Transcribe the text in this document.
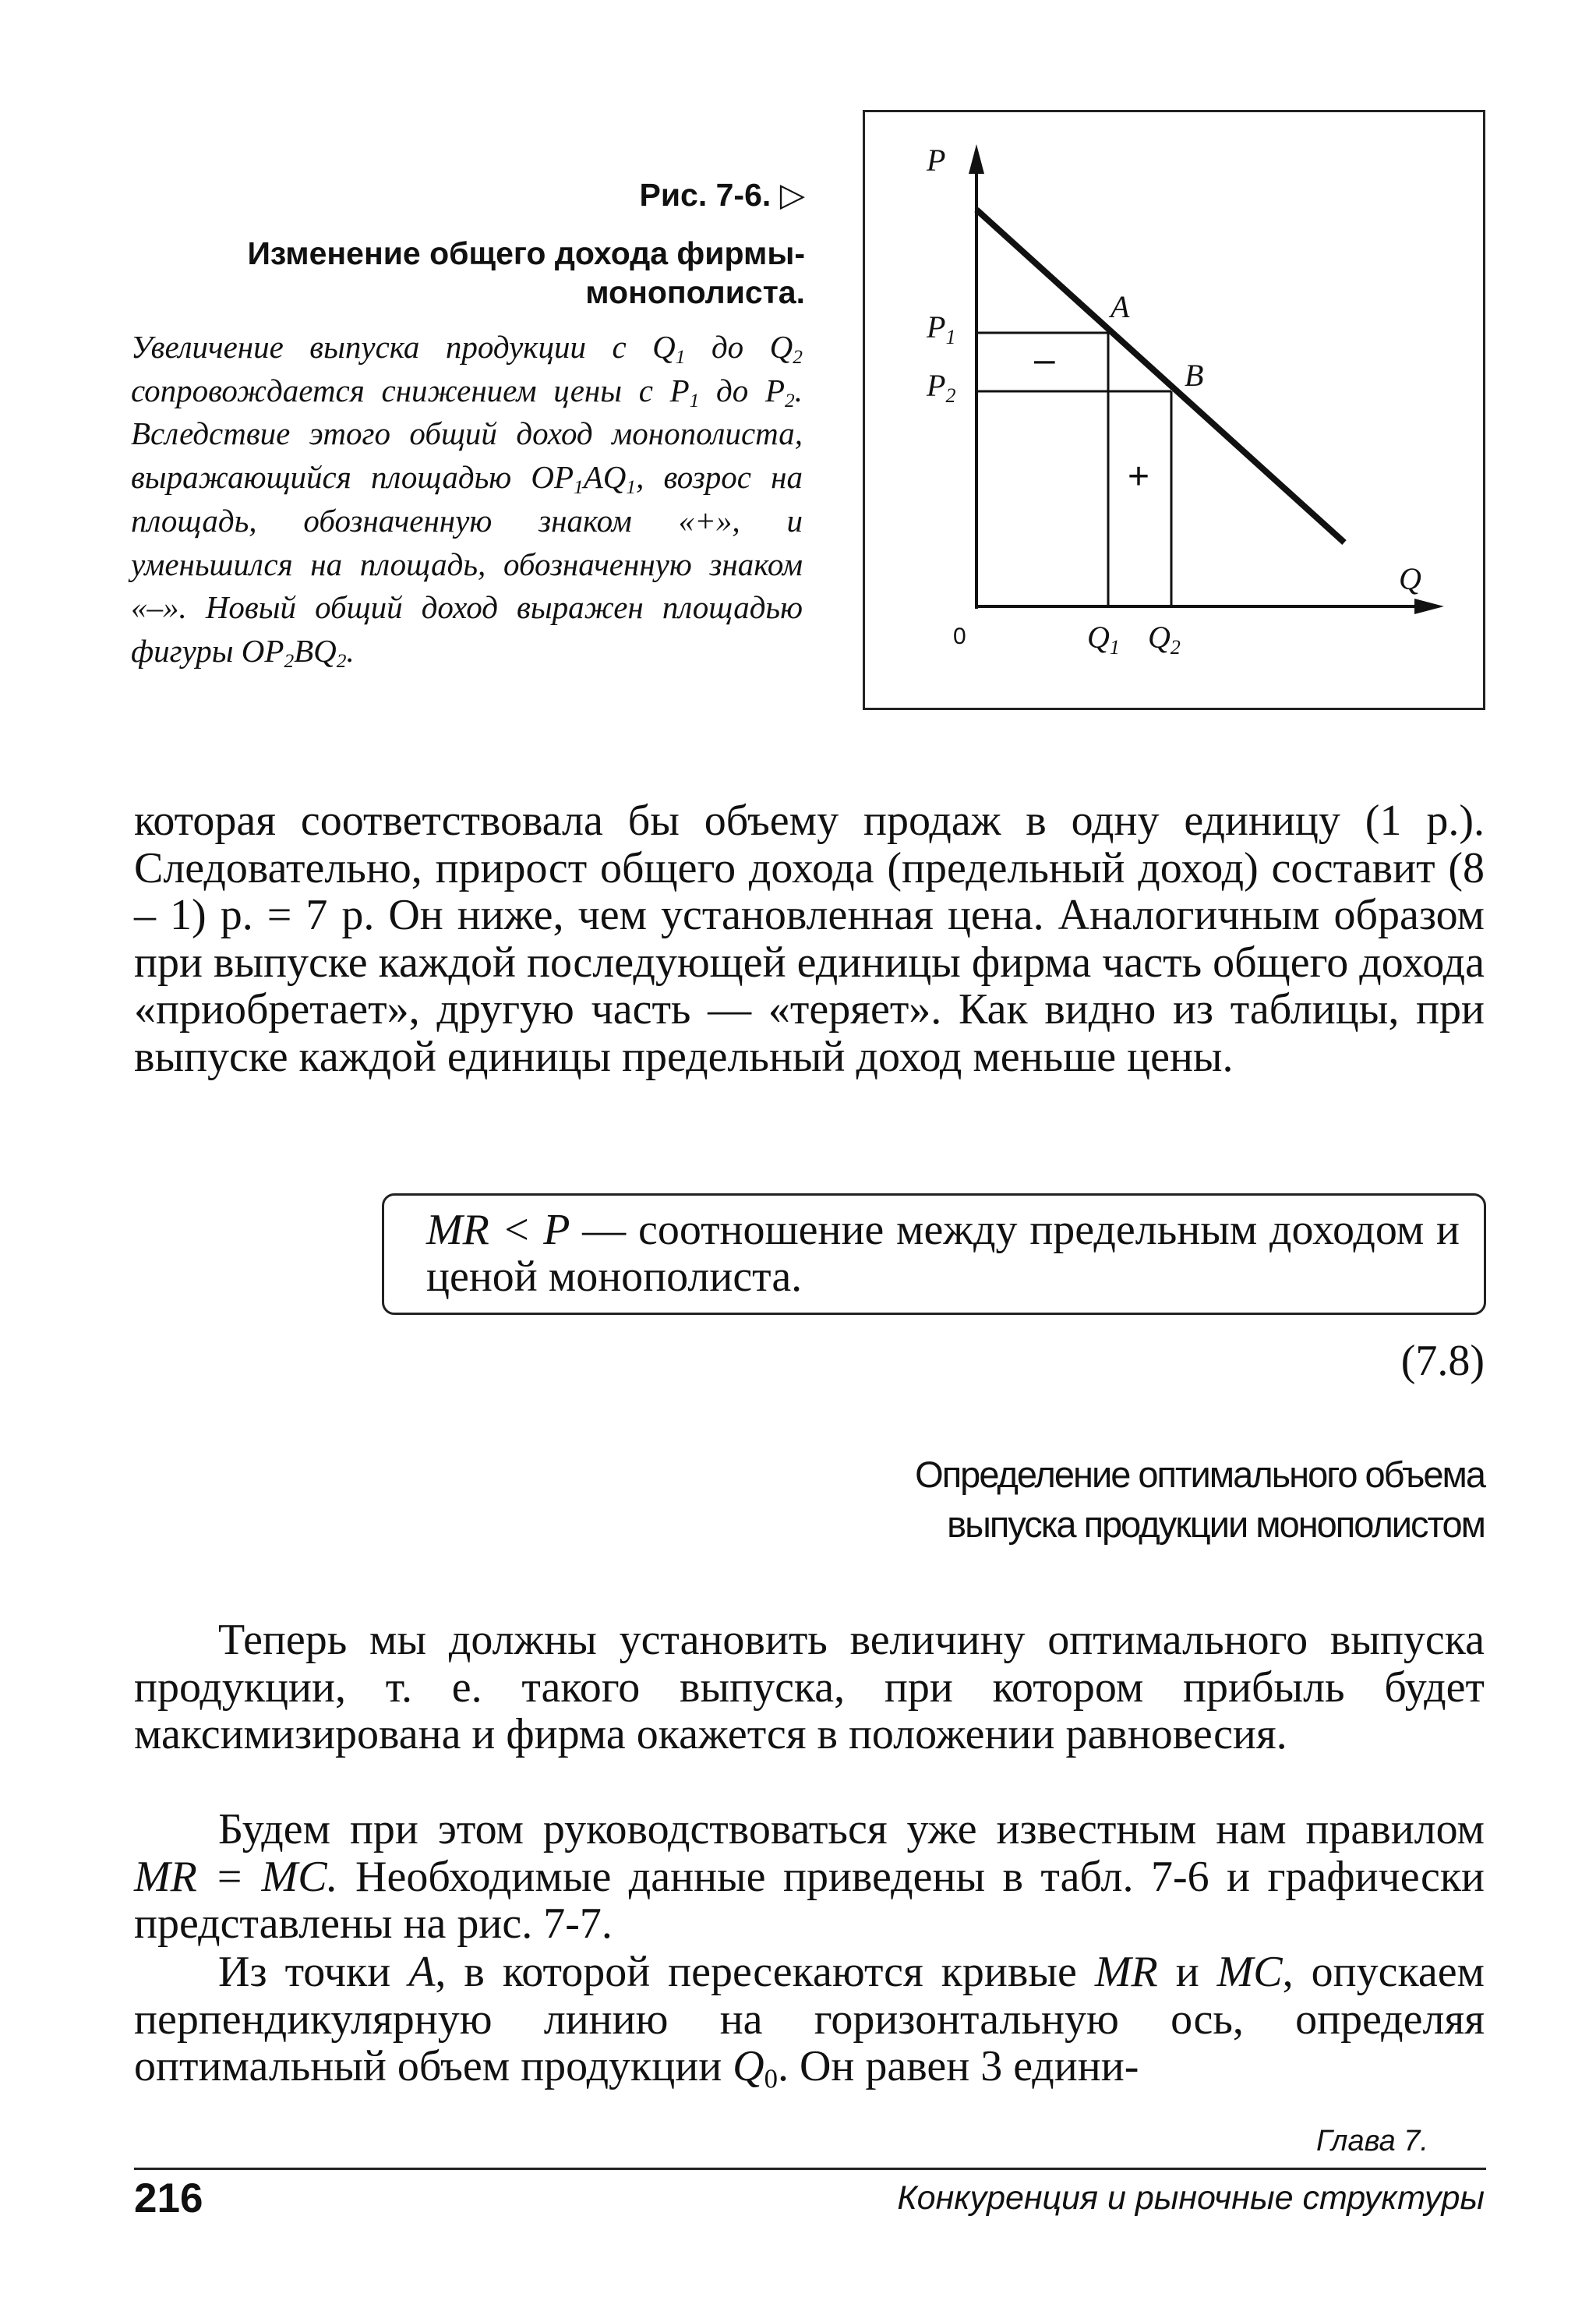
Рис. 7-6. ▷
Изменение общего дохода фирмы-
монополиста.
Увеличение выпуска продукции с $Q_1$ до $Q_2$ сопровождается снижением цены с $P_1$ до $P_2$. Вследствие этого общий доход монополиста, выражающийся площадью $OP_1AQ_1$, возрос на площадь, обозначенную знаком «+», и уменьшился на площадь, обозначенную знаком «–». Новый общий доход выражен площадью фигуры $OP_2BQ_2$.
P
Q
0
$P_1$
$P_2$
$Q_1$ $Q_2$
A
B
–
+
которая соответствовала бы объему продаж в одну единицу (1 р.). Следовательно, прирост общего дохода (предельный доход) составит (8 – 1) р. = 7 р. Он ниже, чем установленная цена. Аналогичным образом при выпуске каждой последующей единицы фирма часть общего дохода «приобретает», другую часть — «теряет». Как видно из таблицы, при выпуске каждой единицы предельный доход меньше цены.
MR < P — соотношение между предельным доходом и ценой монополиста.
(7.8)
Определение оптимального объема
выпуска продукции монополистом
Теперь мы должны установить величину оптимального выпуска продукции, т. е. такого выпуска, при котором прибыль будет максимизирована и фирма окажется в положении равновесия.
Будем при этом руководствоваться уже известным нам правилом MR = MC. Необходимые данные приведены в табл. 7-6 и графически представлены на рис. 7-7.
Из точки A, в которой пересекаются кривые MR и MC, опускаем перпендикулярную линию на горизонтальную ось, определяя оптимальный объем продукции $Q_0$. Он равен 3 едини-
Глава 7.
216	Конкуренция и рыночные структуры
